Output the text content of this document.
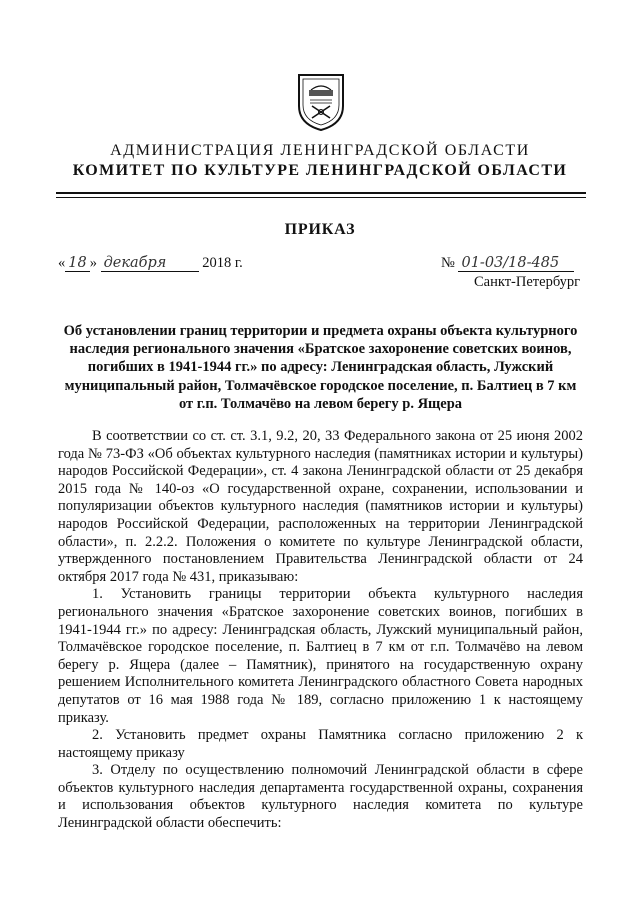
АДМИНИСТРАЦИЯ ЛЕНИНГРАДСКОЙ ОБЛАСТИ
КОМИТЕТ ПО КУЛЬТУРЕ ЛЕНИНГРАДСКОЙ ОБЛАСТИ
ПРИКАЗ
« 18 » декабря 2018 г.	№ 01-03/18-485
Санкт-Петербург
Об установлении границ территории и предмета охраны объекта культурного наследия регионального значения «Братское захоронение советских воинов, погибших в 1941-1944 гг.» по адресу: Ленинградская область, Лужский муниципальный район, Толмачёвское городское поселение, п. Балтиец в 7 км от г.п. Толмачёво на левом берегу р. Ящера

В соответствии со ст. ст. 3.1, 9.2, 20, 33 Федерального закона от 25 июня 2002 года № 73-ФЗ «Об объектах культурного наследия (памятниках истории и культуры) народов Российской Федерации», ст. 4 закона Ленинградской области от 25 декабря 2015 года № 140-оз «О государственной охране, сохранении, использовании и популяризации объектов культурного наследия (памятников истории и культуры) народов Российской Федерации, расположенных на территории Ленинградской области», п. 2.2.2. Положения о комитете по культуре Ленинградской области, утвержденного постановлением Правительства Ленинградской области от 24 октября 2017 года № 431, приказываю:

1. Установить границы территории объекта культурного наследия регионального значения «Братское захоронение советских воинов, погибших в 1941-1944 гг.» по адресу: Ленинградская область, Лужский муниципальный район, Толмачёвское городское поселение, п. Балтиец в 7 км от г.п. Толмачёво на левом берегу р. Ящера (далее – Памятник), принятого на государственную охрану решением Исполнительного комитета Ленинградского областного Совета народных депутатов от 16 мая 1988 года № 189, согласно приложению 1 к настоящему приказу.

2. Установить предмет охраны Памятника согласно приложению 2 к настоящему приказу

3. Отделу по осуществлению полномочий Ленинградской области в сфере объектов культурного наследия департамента государственной охраны, сохранения и использования объектов культурного наследия комитета по культуре Ленинградской области обеспечить:
